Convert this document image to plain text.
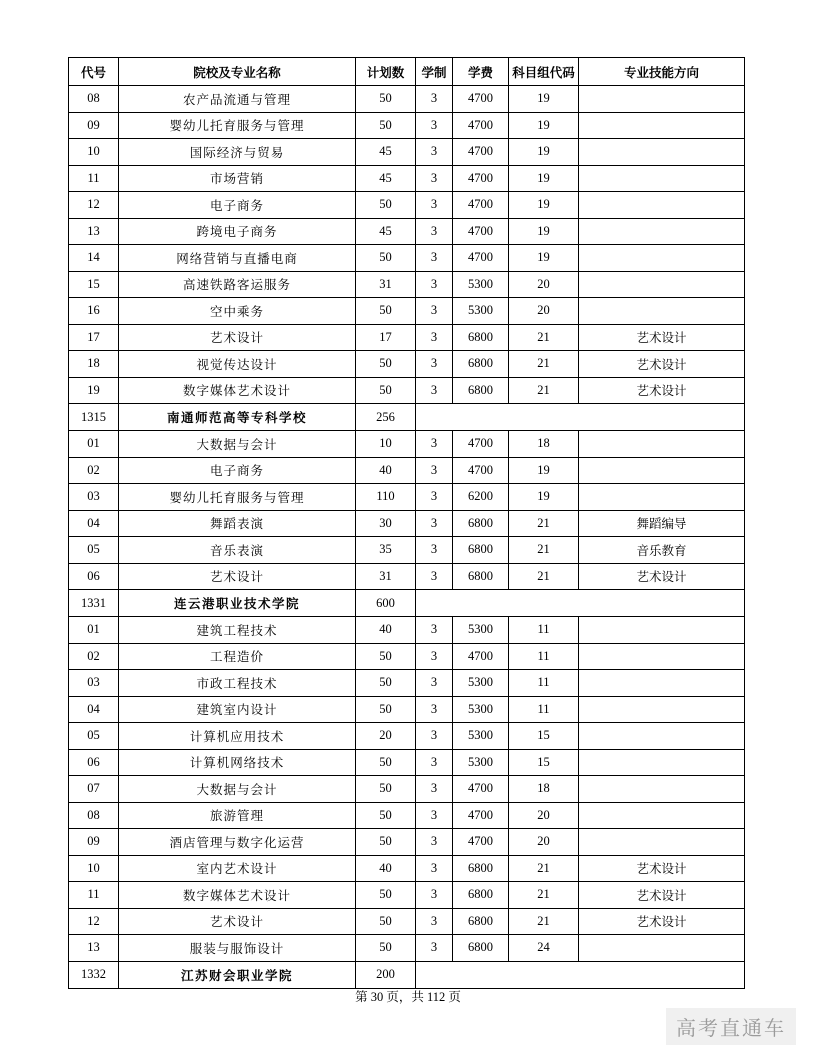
代号	院校及专业名称	计划数	学制	学费	科目组代码	专业技能方向
08	农产品流通与管理	50	3	4700	19	
09	婴幼儿托育服务与管理	50	3	4700	19	
10	国际经济与贸易	45	3	4700	19	
11	市场营销	45	3	4700	19	
12	电子商务	50	3	4700	19	
13	跨境电子商务	45	3	4700	19	
14	网络营销与直播电商	50	3	4700	19	
15	高速铁路客运服务	31	3	5300	20	
16	空中乘务	50	3	5300	20	
17	艺术设计	17	3	6800	21	艺术设计
18	视觉传达设计	50	3	6800	21	艺术设计
19	数字媒体艺术设计	50	3	6800	21	艺术设计
1315	南通师范高等专科学校	256				
01	大数据与会计	10	3	4700	18	
02	电子商务	40	3	4700	19	
03	婴幼儿托育服务与管理	110	3	6200	19	
04	舞蹈表演	30	3	6800	21	舞蹈编导
05	音乐表演	35	3	6800	21	音乐教育
06	艺术设计	31	3	6800	21	艺术设计
1331	连云港职业技术学院	600				
01	建筑工程技术	40	3	5300	11	
02	工程造价	50	3	4700	11	
03	市政工程技术	50	3	5300	11	
04	建筑室内设计	50	3	5300	11	
05	计算机应用技术	20	3	5300	15	
06	计算机网络技术	50	3	5300	15	
07	大数据与会计	50	3	4700	18	
08	旅游管理	50	3	4700	20	
09	酒店管理与数字化运营	50	3	4700	20	
10	室内艺术设计	40	3	6800	21	艺术设计
11	数字媒体艺术设计	50	3	6800	21	艺术设计
12	艺术设计	50	3	6800	21	艺术设计
13	服装与服饰设计	50	3	6800	24	
1332	江苏财会职业学院	200				
第 30 页，共 112 页
高考直通车
